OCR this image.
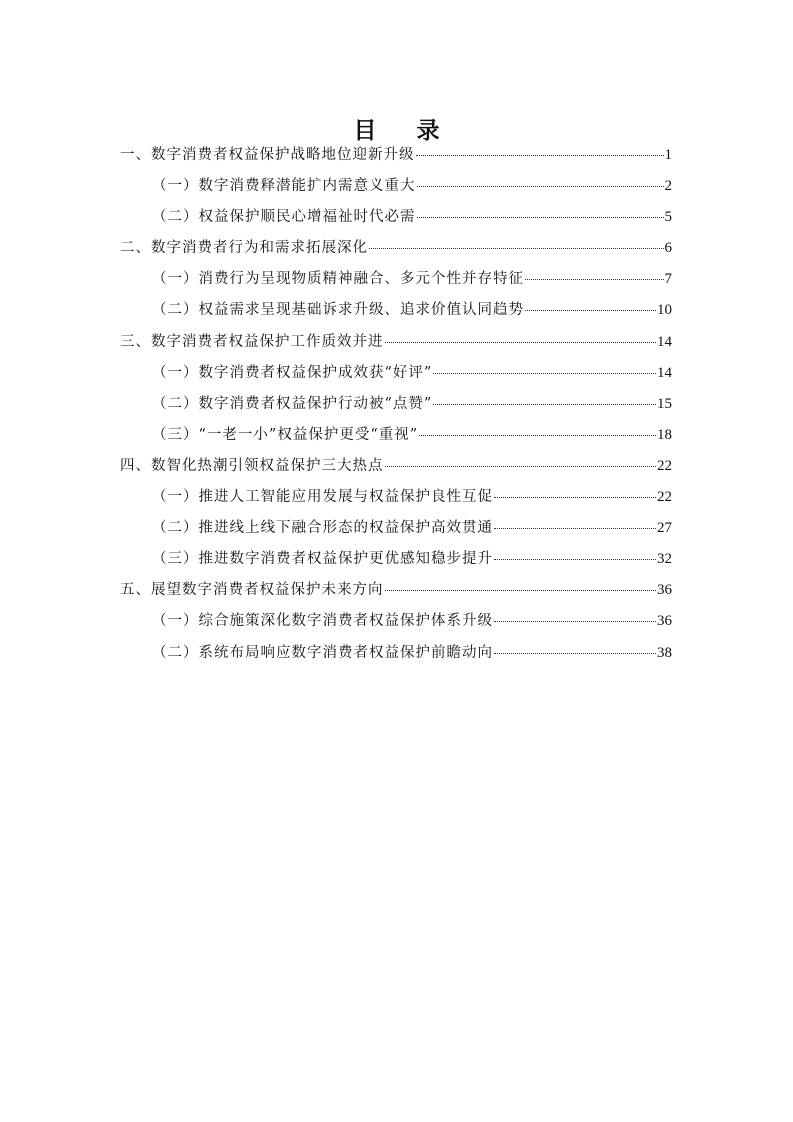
目 录
一、数字消费者权益保护战略地位迎新升级	1
（一）数字消费释潜能扩内需意义重大	2
（二）权益保护顺民心增福祉时代必需	5
二、数字消费者行为和需求拓展深化	6
（一）消费行为呈现物质精神融合、多元个性并存特征	7
（二）权益需求呈现基础诉求升级、追求价值认同趋势	10
三、数字消费者权益保护工作质效并进	14
（一）数字消费者权益保护成效获“好评”	14
（二）数字消费者权益保护行动被“点赞”	15
（三）“一老一小”权益保护更受“重视”	18
四、数智化热潮引领权益保护三大热点	22
（一）推进人工智能应用发展与权益保护良性互促	22
（二）推进线上线下融合形态的权益保护高效贯通	27
（三）推进数字消费者权益保护更优感知稳步提升	32
五、展望数字消费者权益保护未来方向	36
（一）综合施策深化数字消费者权益保护体系升级	36
（二）系统布局响应数字消费者权益保护前瞻动向	38
